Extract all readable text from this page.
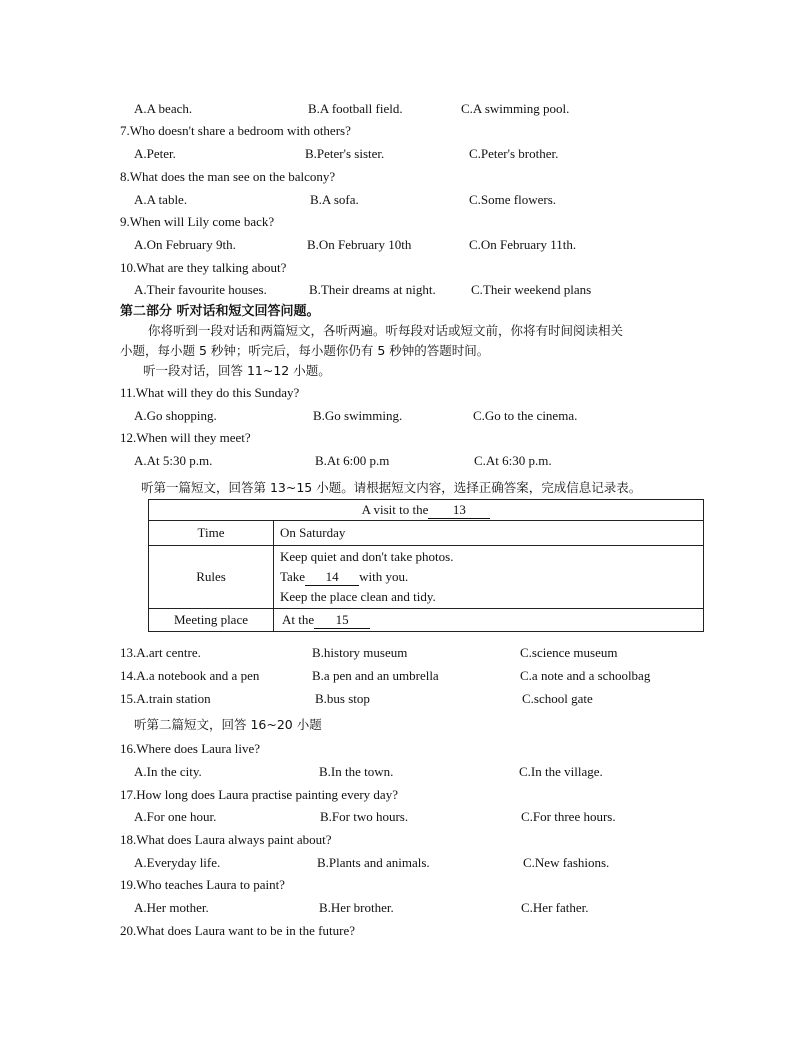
A.A beach.	B.A football field.	C.A swimming pool.
7.Who doesn't share a bedroom with others?
A.Peter.	B.Peter's sister.	C.Peter's brother.
8.What does the man see on the balcony?
A.A table.	B.A sofa.	C.Some flowers.
9.When will Lily come back?
A.On February 9th.	B.On February 10th	C.On February 11th.
10.What are they talking about?
A.Their favourite houses.	B.Their dreams at night.	C.Their weekend plans
第二部分 听对话和短文回答问题。
你将听到一段对话和两篇短文，各听两遍。听每段对话或短文前，你将有时间阅读相关
小题，每小题 5 秒钟；听完后，每小题你仍有 5 秒钟的答题时间。
听一段对话，回答 11~12 小题。
11.What will they do this Sunday?
A.Go shopping.	B.Go swimming.	C.Go to the cinema.
12.When will they meet?
A.At 5:30 p.m.	B.At 6:00 p.m	C.At 6:30 p.m.
听第一篇短文，回答第 13~15 小题。请根据短文内容，选择正确答案，完成信息记录表。
A visit to the 13	
Time	On Saturday
Rules	Keep quiet and don't take photos.
Take 14 with you.
Keep the place clean and tidy.

Meeting place	At the 15
13.A.art centre.	B.history museum	C.science museum
14.A.a notebook and a pen	B.a pen and an umbrella	C.a note and a schoolbag
15.A.train station	B.bus stop	C.school gate
听第二篇短文，回答 16~20 小题
16.Where does Laura live?
A.In the city.	B.In the town.	C.In the village.
17.How long does Laura practise painting every day?
A.For one hour.	B.For two hours.	C.For three hours.
18.What does Laura always paint about?
A.Everyday life.	B.Plants and animals.	C.New fashions.
19.Who teaches Laura to paint?
A.Her mother.	B.Her brother.	C.Her father.
20.What does Laura want to be in the future?
